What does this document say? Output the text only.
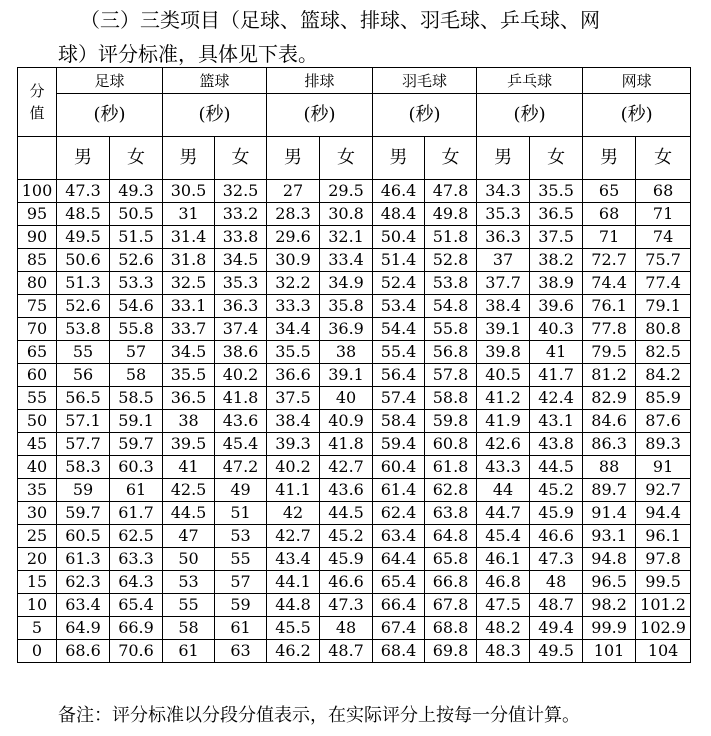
（三）三类项目（足球、篮球、排球、羽毛球、乒乓球、网
球）评分标准，具体见下表。
分
值	足球		篮球		排球		羽毛球		乒乓球		网球	
	(秒)		(秒)		(秒)		(秒)		(秒)		(秒)	
	男	女	男	女	男	女	男	女	男	女	男	女
100	47.3	49.3	30.5	32.5	27	29.5	46.4	47.8	34.3	35.5	65	68
95	48.5	50.5	31	33.2	28.3	30.8	48.4	49.8	35.3	36.5	68	71
90	49.5	51.5	31.4	33.8	29.6	32.1	50.4	51.8	36.3	37.5	71	74
85	50.6	52.6	31.8	34.5	30.9	33.4	51.4	52.8	37	38.2	72.7	75.7
80	51.3	53.3	32.5	35.3	32.2	34.9	52.4	53.8	37.7	38.9	74.4	77.4
75	52.6	54.6	33.1	36.3	33.3	35.8	53.4	54.8	38.4	39.6	76.1	79.1
70	53.8	55.8	33.7	37.4	34.4	36.9	54.4	55.8	39.1	40.3	77.8	80.8
65	55	57	34.5	38.6	35.5	38	55.4	56.8	39.8	41	79.5	82.5
60	56	58	35.5	40.2	36.6	39.1	56.4	57.8	40.5	41.7	81.2	84.2
55	56.5	58.5	36.5	41.8	37.5	40	57.4	58.8	41.2	42.4	82.9	85.9
50	57.1	59.1	38	43.6	38.4	40.9	58.4	59.8	41.9	43.1	84.6	87.6
45	57.7	59.7	39.5	45.4	39.3	41.8	59.4	60.8	42.6	43.8	86.3	89.3
40	58.3	60.3	41	47.2	40.2	42.7	60.4	61.8	43.3	44.5	88	91
35	59	61	42.5	49	41.1	43.6	61.4	62.8	44	45.2	89.7	92.7
30	59.7	61.7	44.5	51	42	44.5	62.4	63.8	44.7	45.9	91.4	94.4
25	60.5	62.5	47	53	42.7	45.2	63.4	64.8	45.4	46.6	93.1	96.1
20	61.3	63.3	50	55	43.4	45.9	64.4	65.8	46.1	47.3	94.8	97.8
15	62.3	64.3	53	57	44.1	46.6	65.4	66.8	46.8	48	96.5	99.5
10	63.4	65.4	55	59	44.8	47.3	66.4	67.8	47.5	48.7	98.2	101.2
5	64.9	66.9	58	61	45.5	48	67.4	68.8	48.2	49.4	99.9	102.9
0	68.6	70.6	61	63	46.2	48.7	68.4	69.8	48.3	49.5	101	104
备注：评分标准以分段分值表示，在实际评分上按每一分值计算。
